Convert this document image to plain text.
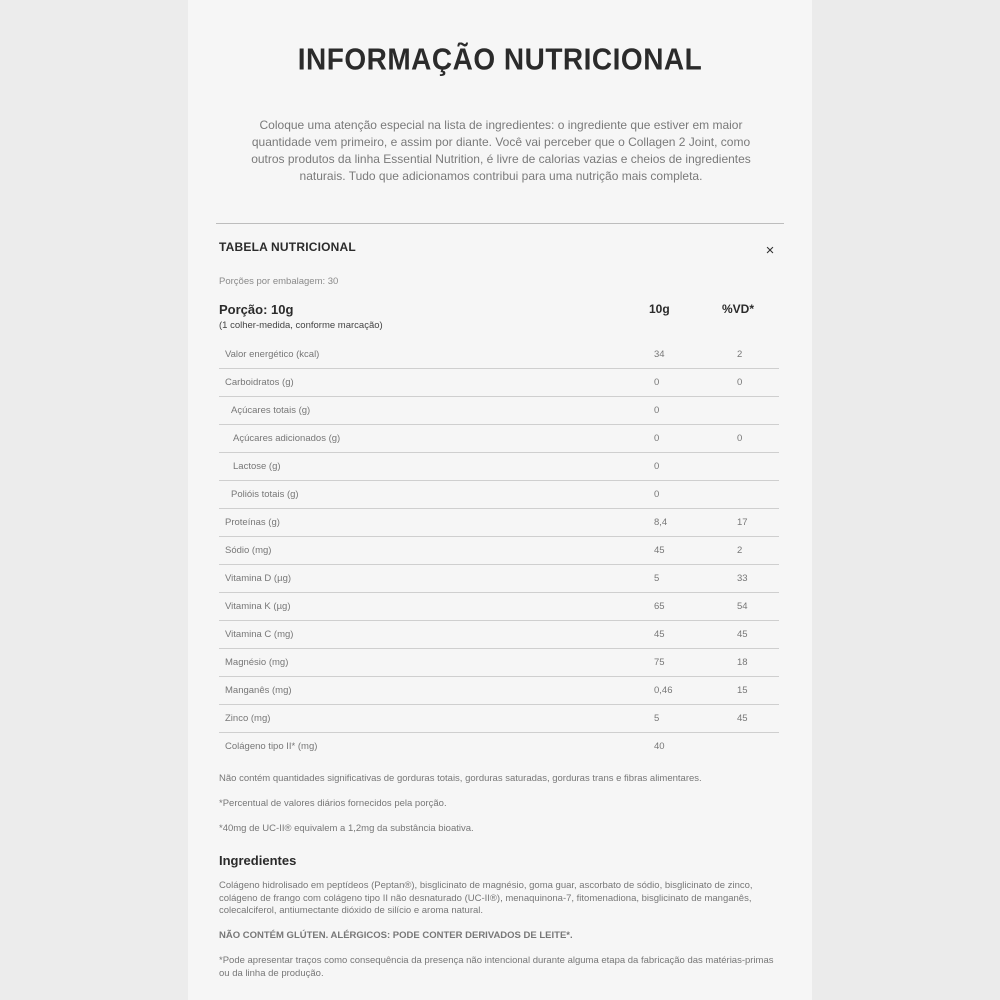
INFORMAÇÃO NUTRICIONAL

Coloque uma atenção especial na lista de ingredientes: o ingrediente que estiver em maior quantidade vem primeiro, e assim por diante. Você vai perceber que o Collagen 2 Joint, como outros produtos da linha Essential Nutrition, é livre de calorias vazias e cheios de ingredientes naturais. Tudo que adicionamos contribui para uma nutrição mais completa.

TABELA NUTRICIONAL	×
Porções por embalagem: 30
Porção: 10g
(1 colher-medida, conforme marcação)
10g	%VD*
Valor energético (kcal)	34	2
Carboidratos (g)	0	0
Açúcares totais (g)	0
Açúcares adicionados (g)	0	0
Lactose (g)	0
Polióis totais (g)	0
Proteínas (g)	8,4	17
Sódio (mg)	45	2
Vitamina D (µg)	5	33
Vitamina K (µg)	65	54
Vitamina C (mg)	45	45
Magnésio (mg)	75	18
Manganês (mg)	0,46	15
Zinco (mg)	5	45
Colágeno tipo II* (mg)	40

Não contém quantidades significativas de gorduras totais, gorduras saturadas, gorduras trans e fibras alimentares.

*Percentual de valores diários fornecidos pela porção.

*40mg de UC-II® equivalem a 1,2mg da substância bioativa.

Ingredientes

Colágeno hidrolisado em peptídeos (Peptan®), bisglicinato de magnésio, goma guar, ascorbato de sódio, bisglicinato de zinco, colágeno de frango com colágeno tipo II não desnaturado (UC-II®), menaquinona-7, fitomenadiona, bisglicinato de manganês, colecalciferol, antiumectante dióxido de silício e aroma natural.

NÃO CONTÉM GLÚTEN. ALÉRGICOS: PODE CONTER DERIVADOS DE LEITE*.

*Pode apresentar traços como consequência da presença não intencional durante alguma etapa da fabricação das matérias-primas ou da linha de produção.
